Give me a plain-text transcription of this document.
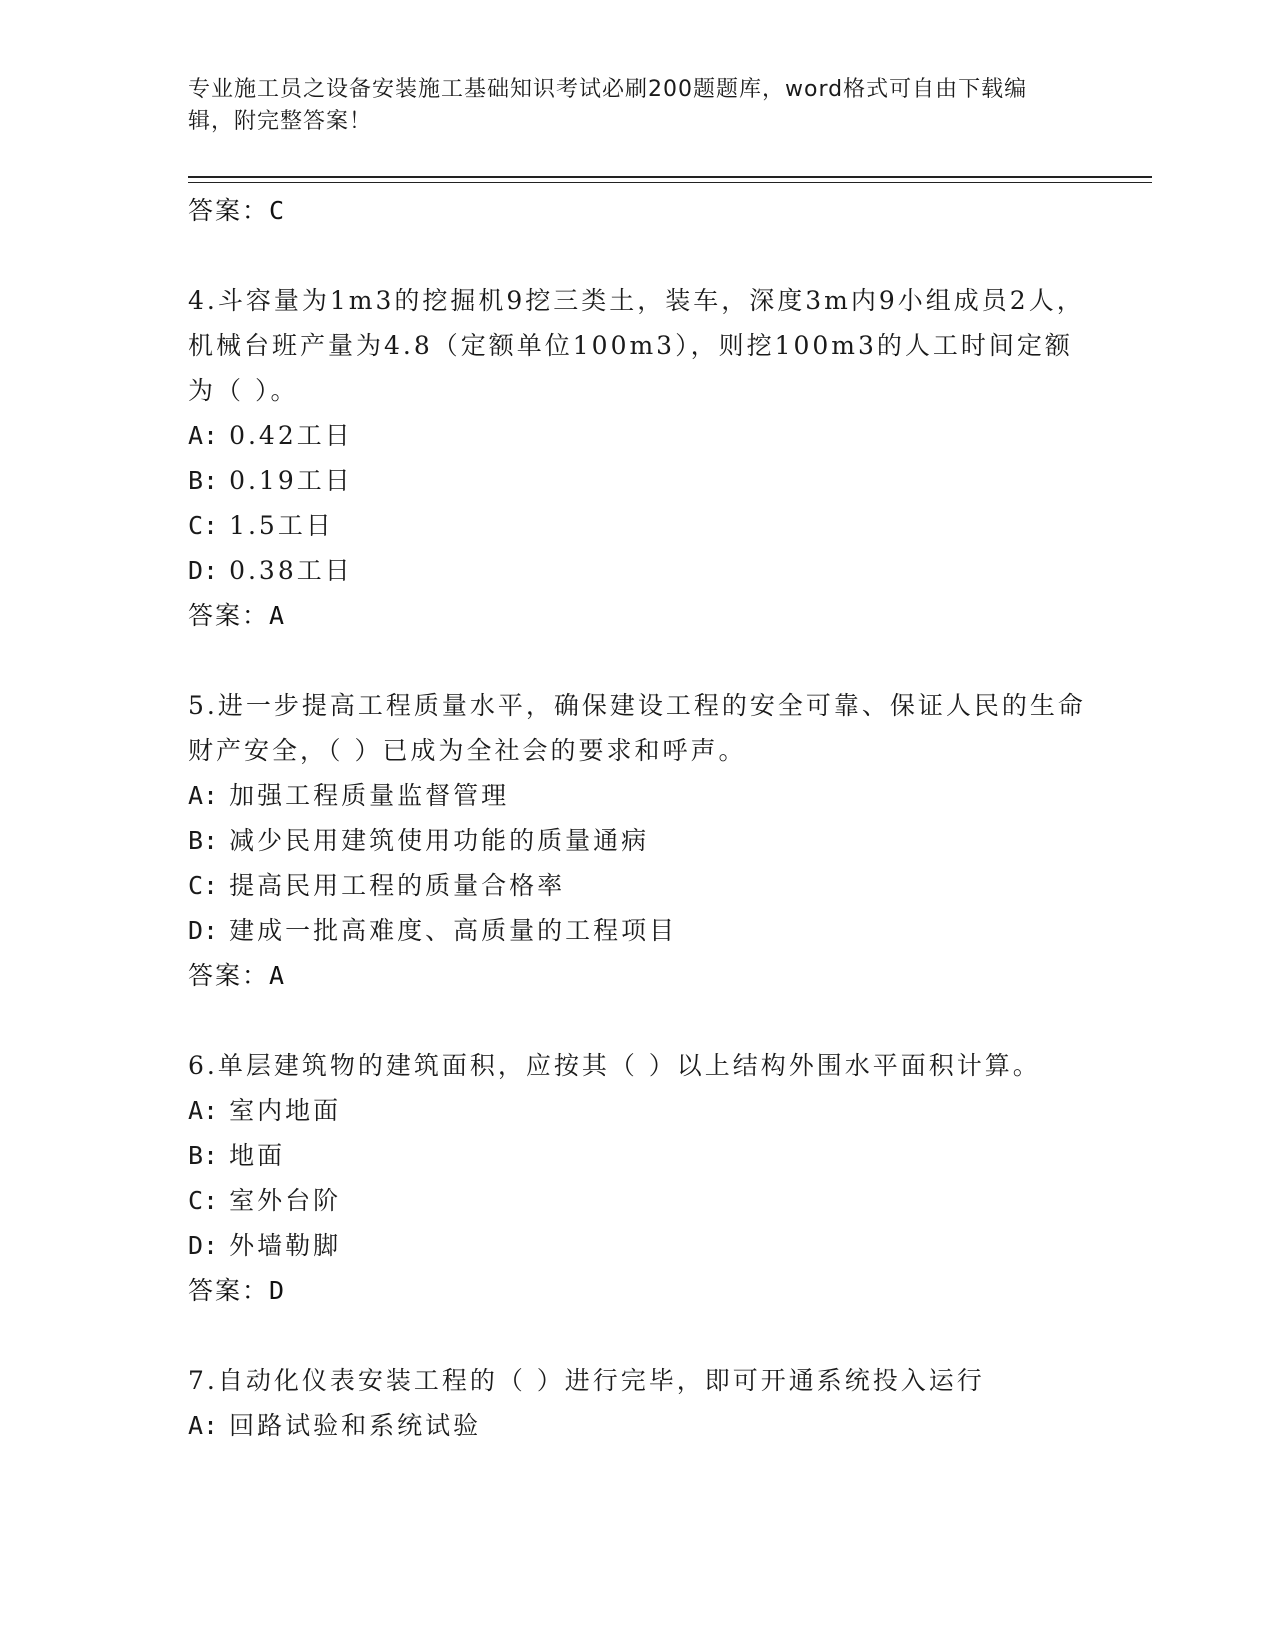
专业施工员之设备安装施工基础知识考试必刷200题题库，word格式可自由下载编辑，附完整答案！
答案：C
4.斗容量为1m3的挖掘机9挖三类土，装车，深度3m内9小组成员2人，机械台班产量为4.8（定额单位100m3），则挖100m3的人工时间定额为（ ）。
A: 0.42工日
B: 0.19工日
C: 1.5工日
D: 0.38工日
答案：A
5.进一步提高工程质量水平，确保建设工程的安全可靠、保证人民的生命财产安全，（ ）已成为全社会的要求和呼声。
A: 加强工程质量监督管理
B: 减少民用建筑使用功能的质量通病
C: 提高民用工程的质量合格率
D: 建成一批高难度、高质量的工程项目
答案：A
6.单层建筑物的建筑面积，应按其（ ）以上结构外围水平面积计算。
A: 室内地面
B: 地面
C: 室外台阶
D: 外墙勒脚
答案：D
7.自动化仪表安装工程的（ ）进行完毕，即可开通系统投入运行
A: 回路试验和系统试验
